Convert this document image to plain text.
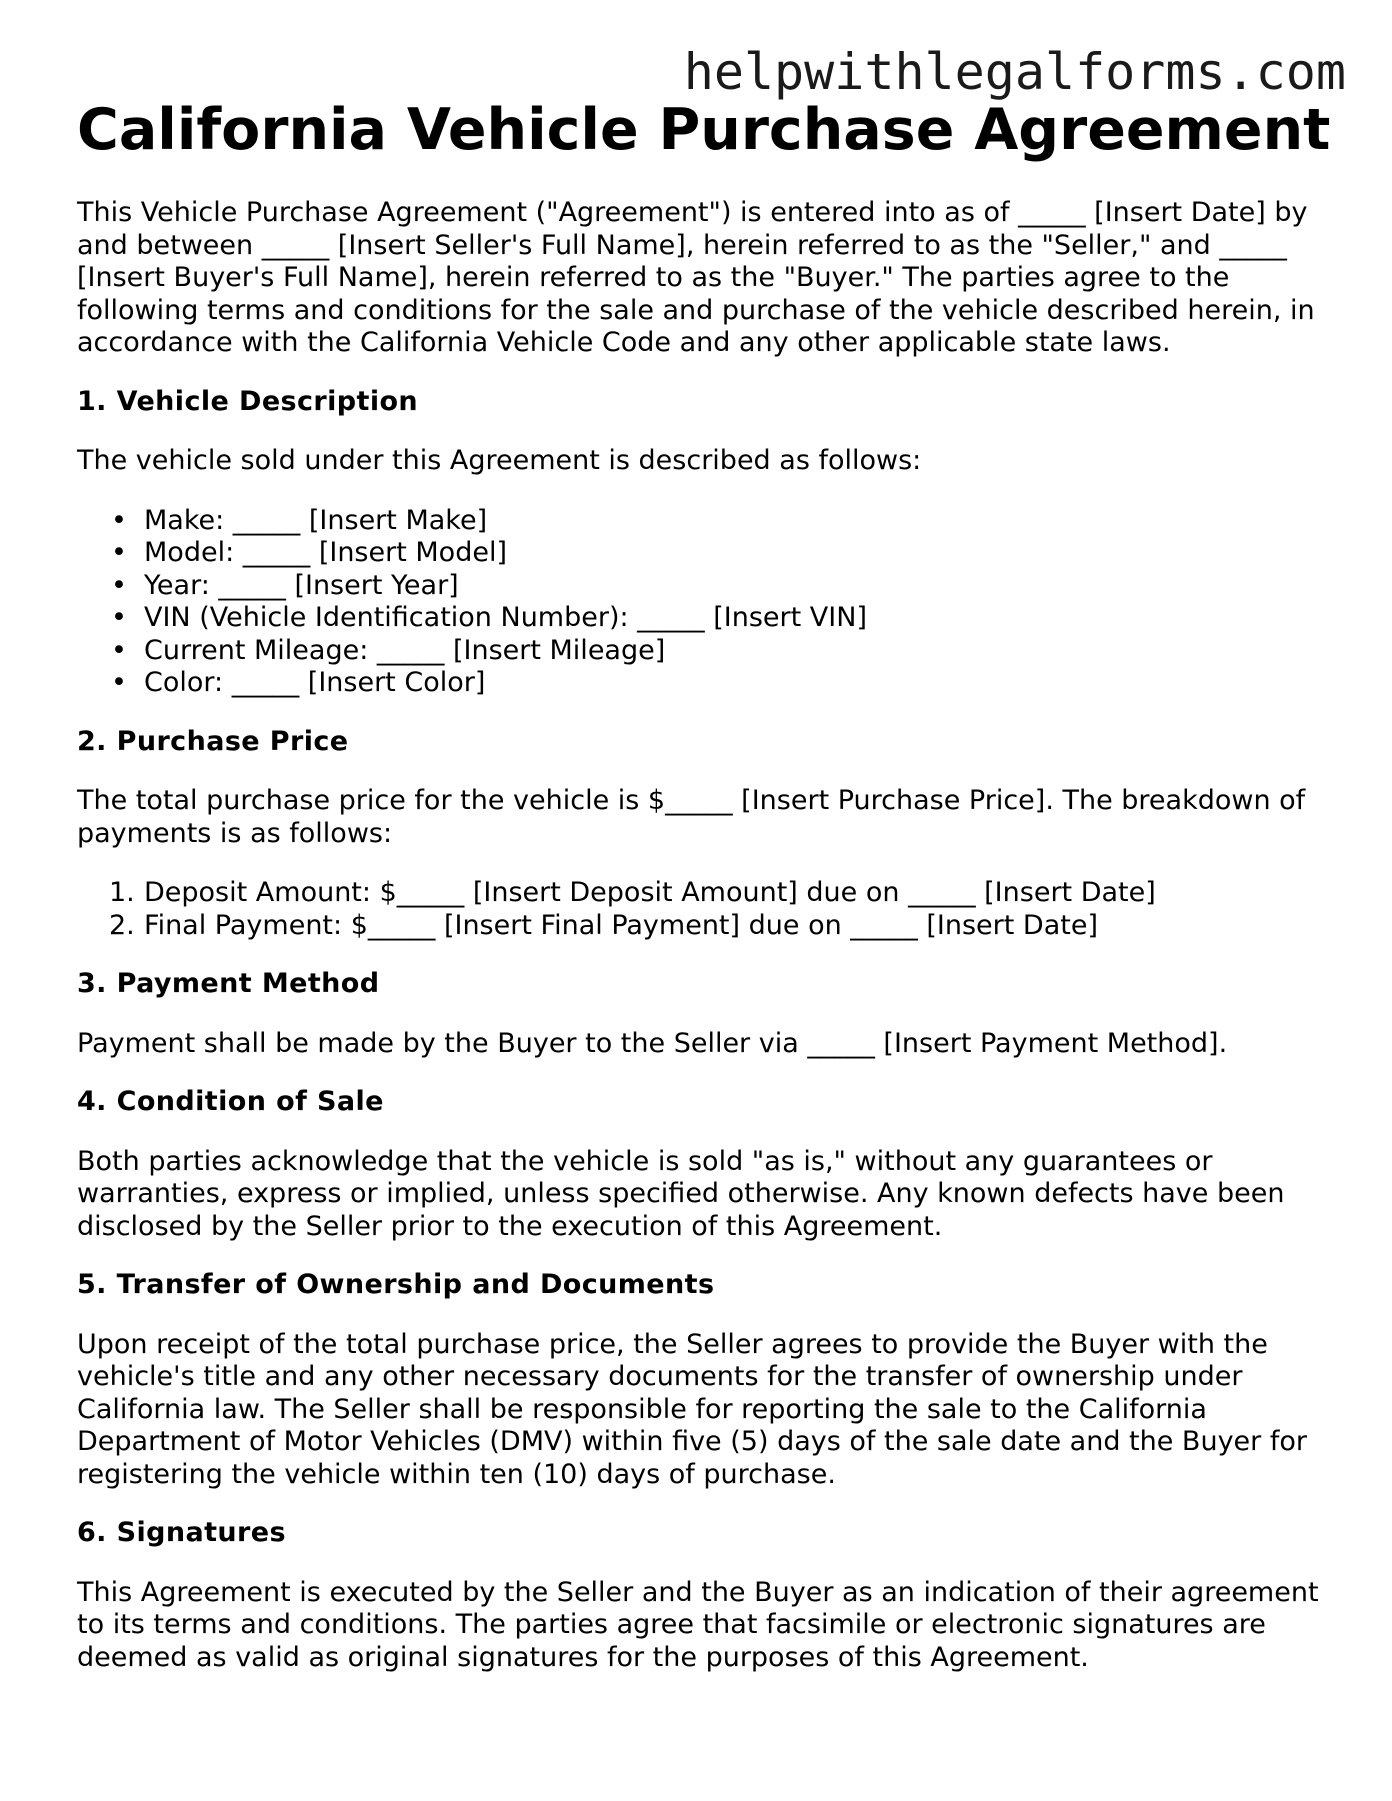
helpwithlegalforms.com
California Vehicle Purchase Agreement

This Vehicle Purchase Agreement ("Agreement") is entered into as of _____ [Insert Date] by and between _____ [Insert Seller's Full Name], herein referred to as the "Seller," and _____ [Insert Buyer's Full Name], herein referred to as the "Buyer." The parties agree to the following terms and conditions for the sale and purchase of the vehicle described herein, in accordance with the California Vehicle Code and any other applicable state laws.

1. Vehicle Description

The vehicle sold under this Agreement is described as follows:

• Make: _____ [Insert Make]
• Model: _____ [Insert Model]
• Year: _____ [Insert Year]
• VIN (Vehicle Identification Number): _____ [Insert VIN]
• Current Mileage: _____ [Insert Mileage]
• Color: _____ [Insert Color]
2. Purchase Price

The total purchase price for the vehicle is $_____ [Insert Purchase Price]. The breakdown of payments is as follows:

1. Deposit Amount: $_____ [Insert Deposit Amount] due on _____ [Insert Date]
2. Final Payment: $_____ [Insert Final Payment] due on _____ [Insert Date]
3. Payment Method

Payment shall be made by the Buyer to the Seller via _____ [Insert Payment Method].

4. Condition of Sale

Both parties acknowledge that the vehicle is sold "as is," without any guarantees or warranties, express or implied, unless specified otherwise. Any known defects have been disclosed by the Seller prior to the execution of this Agreement.

5. Transfer of Ownership and Documents

Upon receipt of the total purchase price, the Seller agrees to provide the Buyer with the vehicle's title and any other necessary documents for the transfer of ownership under California law. The Seller shall be responsible for reporting the sale to the California Department of Motor Vehicles (DMV) within five (5) days of the sale date and the Buyer for registering the vehicle within ten (10) days of purchase.

6. Signatures

This Agreement is executed by the Seller and the Buyer as an indication of their agreement to its terms and conditions. The parties agree that facsimile or electronic signatures are deemed as valid as original signatures for the purposes of this Agreement.
